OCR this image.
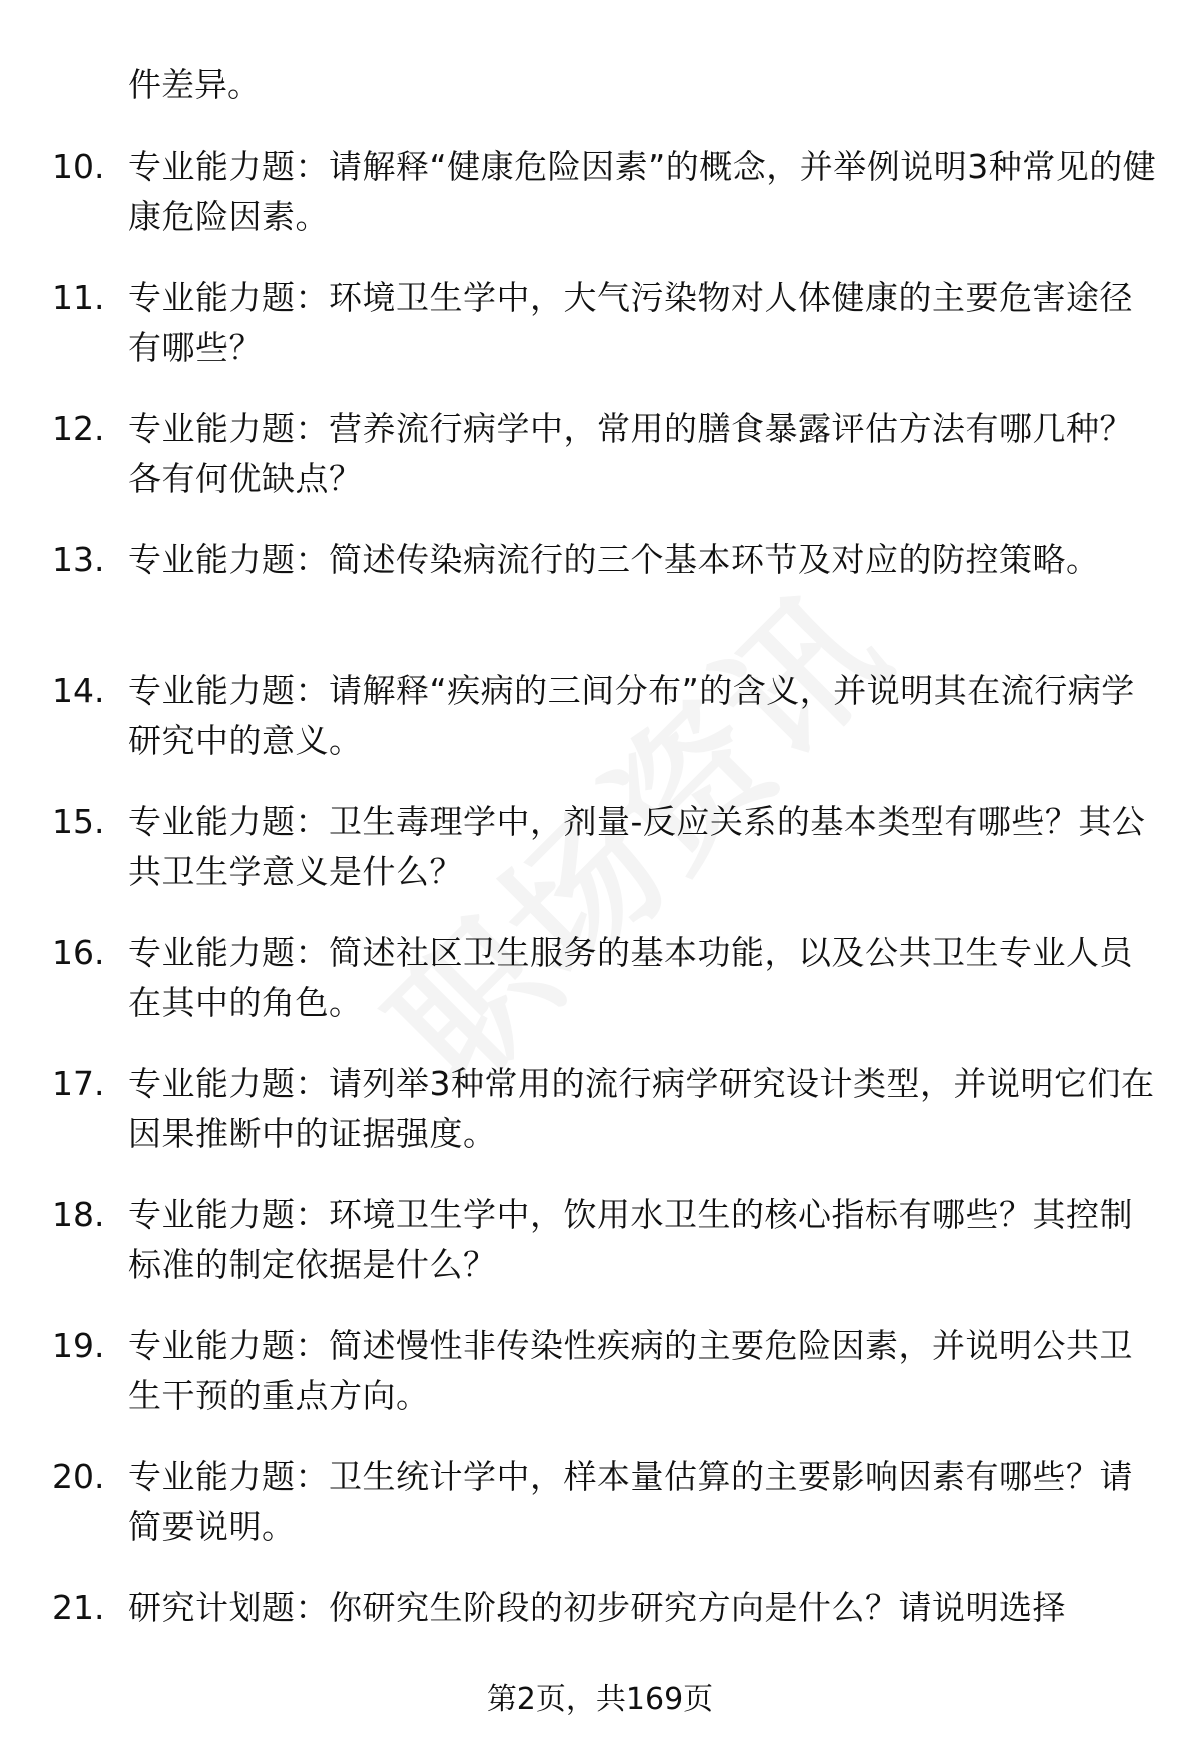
件差异。
10. 专业能力题：请解释“健康危险因素”的概念，并举例说明3种常见的健康危险因素。
11. 专业能力题：环境卫生学中，大气污染物对人体健康的主要危害途径有哪些？
12. 专业能力题：营养流行病学中，常用的膳食暴露评估方法有哪几种？各有何优缺点？
13. 专业能力题：简述传染病流行的三个基本环节及对应的防控策略。
14. 专业能力题：请解释“疾病的三间分布”的含义，并说明其在流行病学研究中的意义。
15. 专业能力题：卫生毒理学中，剂量-反应关系的基本类型有哪些？其公共卫生学意义是什么？
16. 专业能力题：简述社区卫生服务的基本功能，以及公共卫生专业人员在其中的角色。
17. 专业能力题：请列举3种常用的流行病学研究设计类型，并说明它们在因果推断中的证据强度。
18. 专业能力题：环境卫生学中，饮用水卫生的核心指标有哪些？其控制标准的制定依据是什么？
19. 专业能力题：简述慢性非传染性疾病的主要危险因素，并说明公共卫生干预的重点方向。
20. 专业能力题：卫生统计学中，样本量估算的主要影响因素有哪些？请简要说明。
21. 研究计划题：你研究生阶段的初步研究方向是什么？请说明选择
第2页，共169页
